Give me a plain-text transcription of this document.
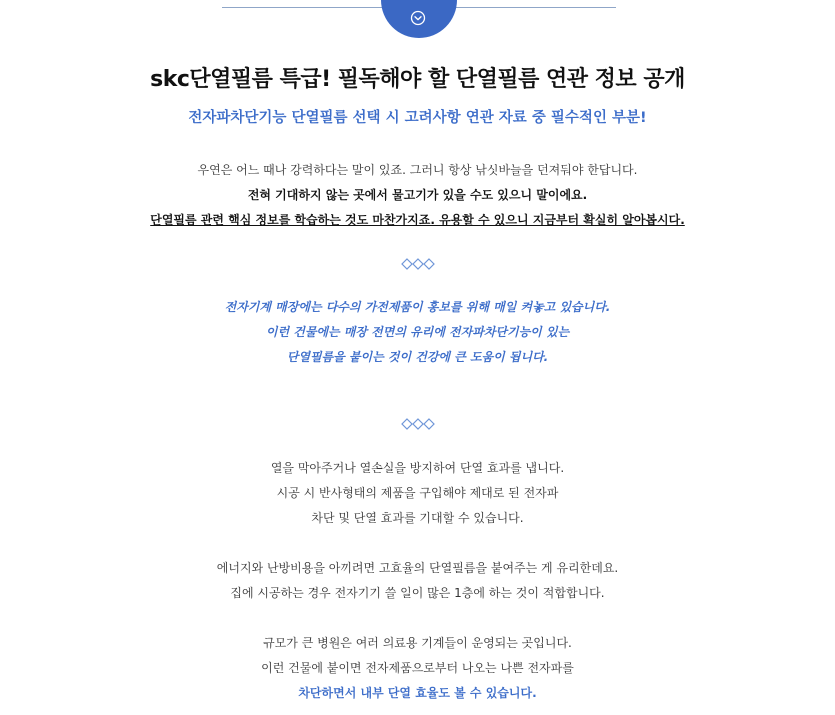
skc단열필름 특급! 필독해야 할 단열필름 연관 정보 공개
전자파차단기능 단열필름 선택 시 고려사항 연관 자료 중 필수적인 부분!
우연은 어느 때나 강력하다는 말이 있죠. 그러니 항상 낚싯바늘을 던져둬야 한답니다.
전혀 기대하지 않는 곳에서 물고기가 있을 수도 있으니 말이에요.
단열필름 관련 핵심 정보를 학습하는 것도 마찬가지죠. 유용할 수 있으니 지금부터 확실히 알아봅시다.
전자기계 매장에는 다수의 가전제품이 홍보를 위해 매일 켜놓고 있습니다.
이런 건물에는 매장 전면의 유리에 전자파차단기능이 있는
단열필름을 붙이는 것이 건강에 큰 도움이 됩니다.
열을 막아주거나 열손실을 방지하여 단열 효과를 냅니다.
시공 시 반사형태의 제품을 구입해야 제대로 된 전자파
차단 및 단열 효과를 기대할 수 있습니다.
에너지와 난방비용을 아끼려면 고효율의 단열필름을 붙여주는 게 유리한데요.
집에 시공하는 경우 전자기기 쓸 일이 많은 1층에 하는 것이 적합합니다.
규모가 큰 병원은 여러 의료용 기계들이 운영되는 곳입니다.
이런 건물에 붙이면 전자제품으로부터 나오는 나쁜 전자파를
차단하면서 내부 단열 효율도 볼 수 있습니다.
